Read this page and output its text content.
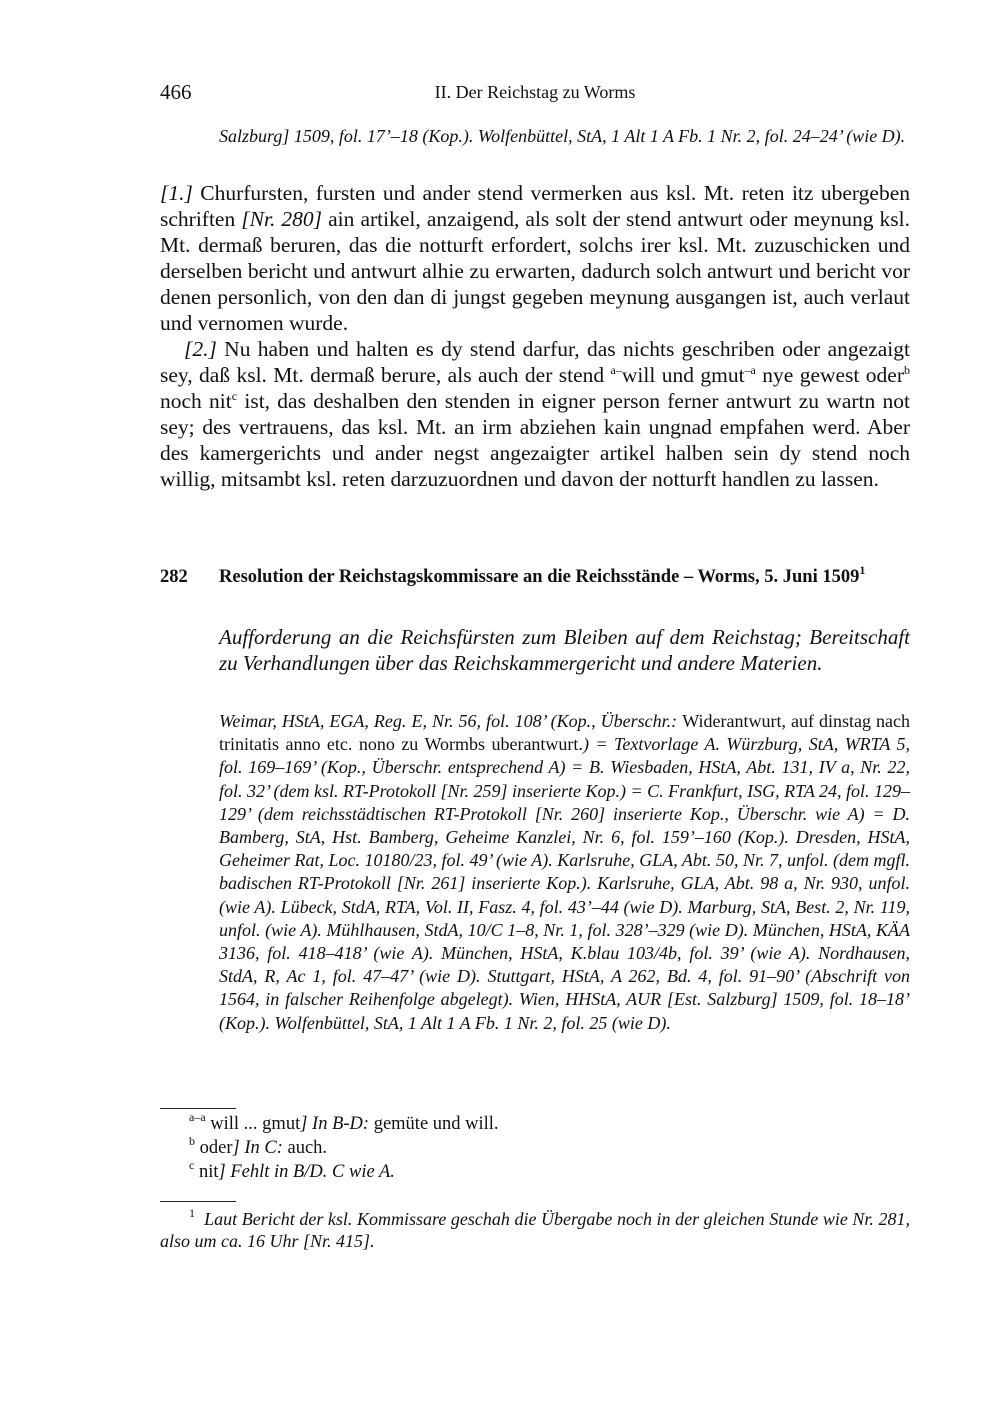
466	II. Der Reichstag zu Worms
Salzburg] 1509, fol. 17’–18 (Kop.). Wolfenbüttel, StA, 1 Alt 1 A Fb. 1 Nr. 2, fol. 24–24’ (wie D).

[1.] Churfursten, fursten und ander stend vermerken aus ksl. Mt. reten itz ubergeben schriften [Nr. 280] ain artikel, anzaigend, als solt der stend antwurt oder meynung ksl. Mt. dermaß beruren, das die notturft erfordert, solchs irer ksl. Mt. zuzuschicken und derselben bericht und antwurt alhie zu erwarten, dadurch solch antwurt und bericht vor denen personlich, von den dan di jungst gegeben meynung ausgangen ist, auch verlaut und vernomen wurde.

[2.] Nu haben und halten es dy stend darfur, das nichts geschriben oder angezaigt sey, daß ksl. Mt. dermaß berure, als auch der stend $^{a-}$will und gmut$^{-a}$ nye gewest oder$^b$ noch nit$^c$ ist, das deshalben den stenden in eigner person ferner antwurt zu wartn not sey; des vertrauens, das ksl. Mt. an irm abziehen kain ungnad empfahen werd. Aber des kamergerichts und ander negst angezaigter artikel halben sein dy stend noch willig, mitsambt ksl. reten darzuzuordnen und davon der notturft handlen zu lassen.

282 Resolution der Reichstagskommissare an die Reichsstände – Worms, 5. Juni 1509$^1$
Aufforderung an die Reichsfürsten zum Bleiben auf dem Reichstag; Bereitschaft zu Verhandlungen über das Reichskammergericht und andere Materien.
Weimar, HStA, EGA, Reg. E, Nr. 56, fol. 108’ (Kop., Überschr.: Widerantwurt, auf dinstag nach trinitatis anno etc. nono zu Wormbs uberantwurt.) = Textvorlage A. Würzburg, StA, WRTA 5, fol. 169–169’ (Kop., Überschr. entsprechend A) = B. Wiesbaden, HStA, Abt. 131, IV a, Nr. 22, fol. 32’ (dem ksl. RT-Protokoll [Nr. 259] inserierte Kop.) = C. Frankfurt, ISG, RTA 24, fol. 129–129’ (dem reichsstädtischen RT-Protokoll [Nr. 260] inserierte Kop., Überschr. wie A) = D. Bamberg, StA, Hst. Bamberg, Geheime Kanzlei, Nr. 6, fol. 159’–160 (Kop.). Dresden, HStA, Geheimer Rat, Loc. 10180/23, fol. 49’ (wie A). Karlsruhe, GLA, Abt. 50, Nr. 7, unfol. (dem mgfl. badischen RT-Protokoll [Nr. 261] inserierte Kop.). Karlsruhe, GLA, Abt. 98 a, Nr. 930, unfol. (wie A). Lübeck, StdA, RTA, Vol. II, Fasz. 4, fol. 43’–44 (wie D). Marburg, StA, Best. 2, Nr. 119, unfol. (wie A). Mühlhausen, StdA, 10/C 1–8, Nr. 1, fol. 328’–329 (wie D). München, HStA, KÄA 3136, fol. 418–418’ (wie A). München, HStA, K.blau 103/4b, fol. 39’ (wie A). Nordhausen, StdA, R, Ac 1, fol. 47–47’ (wie D). Stuttgart, HStA, A 262, Bd. 4, fol. 91–90’ (Abschrift von 1564, in falscher Reihenfolge abgelegt). Wien, HHStA, AUR [Est. Salzburg] 1509, fol. 18–18’ (Kop.). Wolfenbüttel, StA, 1 Alt 1 A Fb. 1 Nr. 2, fol. 25 (wie D).

$^{a-a}$ will ... gmut] In B-D: gemüte und will.

$^b$ oder] In C: auch.

$^c$ nit] Fehlt in B/D. C wie A.

$^1$ Laut Bericht der ksl. Kommissare geschah die Übergabe noch in der gleichen Stunde wie Nr. 281, also um ca. 16 Uhr [Nr. 415].
